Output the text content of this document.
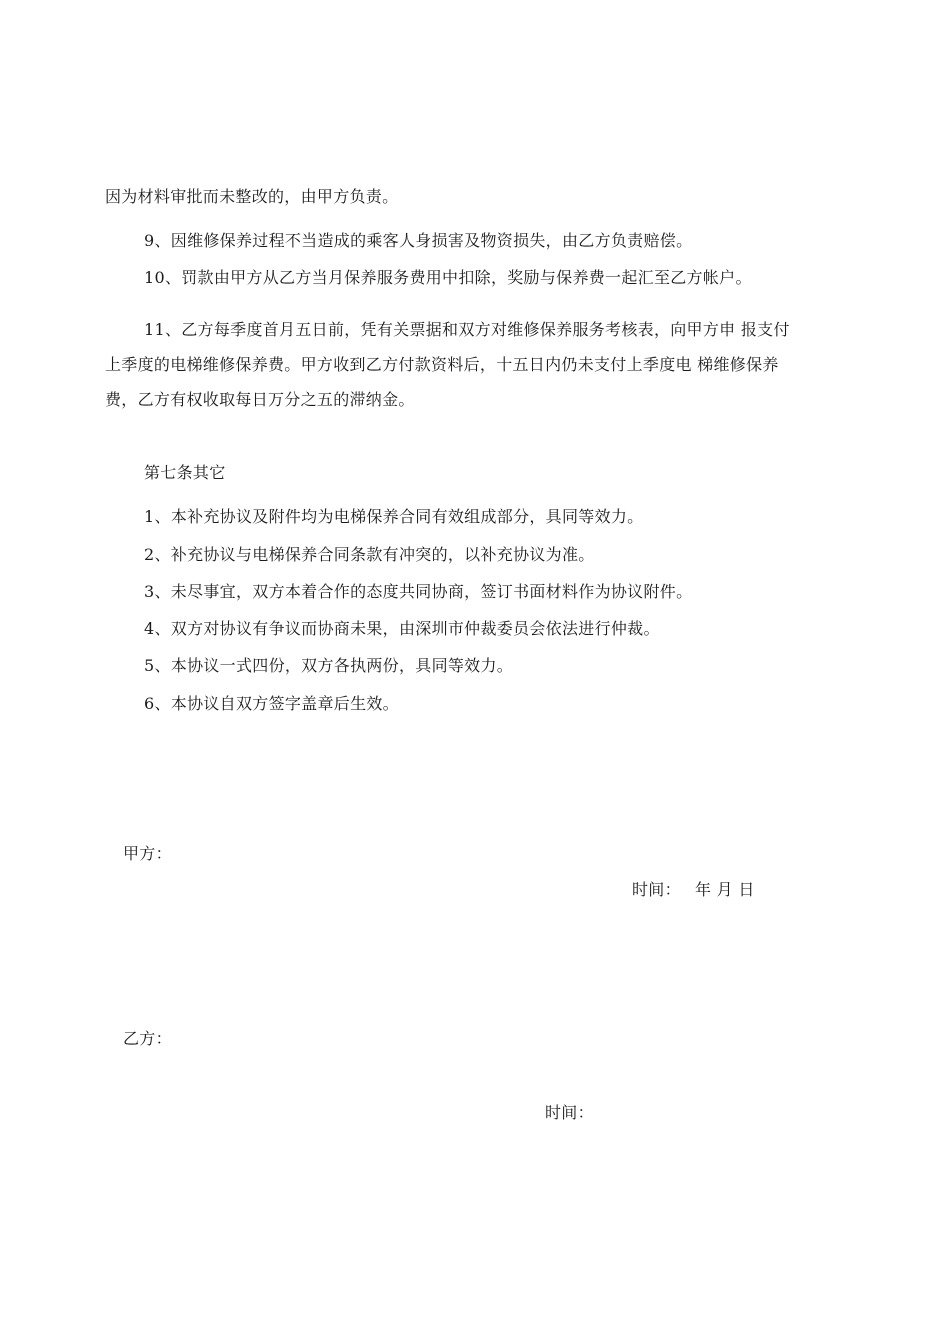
因为材料审批而未整改的，由甲方负责。
9、因维修保养过程不当造成的乘客人身损害及物资损失，由乙方负责赔偿。
10、罚款由甲方从乙方当月保养服务费用中扣除，奖励与保养费一起汇至乙方帐户。
11、乙方每季度首月五日前，凭有关票据和双方对维修保养服务考核表，向甲方申 报支付
上季度的电梯维修保养费。甲方收到乙方付款资料后，十五日内仍未支付上季度电 梯维修保养
费，乙方有权收取每日万分之五的滞纳金。
第七条其它
1、本补充协议及附件均为电梯保养合同有效组成部分，具同等效力。
2、补充协议与电梯保养合同条款有冲突的，以补充协议为准。
3、未尽事宜，双方本着合作的态度共同协商，签订书面材料作为协议附件。
4、双方对协议有争议而协商未果，由深圳市仲裁委员会依法进行仲裁。
5、本协议一式四份，双方各执两份，具同等效力。
6、本协议自双方签字盖章后生效。
甲方：
时间： 年 月 日
乙方：
时间：
